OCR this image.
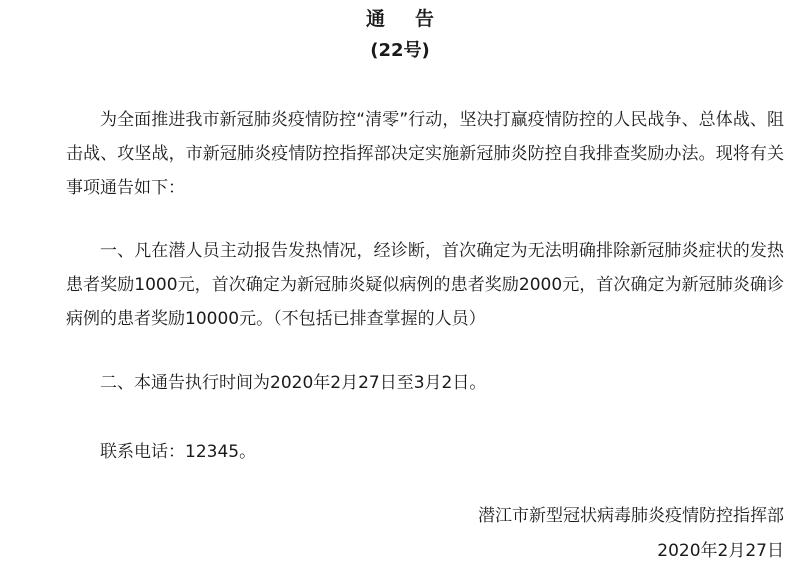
通告
(22号)

为全面推进我市新冠肺炎疫情防控“清零”行动，坚决打赢疫情防控的人民战争、总体战、阻击战、攻坚战，市新冠肺炎疫情防控指挥部决定实施新冠肺炎防控自我排查奖励办法。现将有关事项通告如下：

一、凡在潜人员主动报告发热情况，经诊断，首次确定为无法明确排除新冠肺炎症状的发热患者奖励1000元，首次确定为新冠肺炎疑似病例的患者奖励2000元，首次确定为新冠肺炎确诊病例的患者奖励10000元。（不包括已排查掌握的人员）

二、本通告执行时间为2020年2月27日至3月2日。

联系电话：12345。

潜江市新型冠状病毒肺炎疫情防控指挥部
2020年2月27日
